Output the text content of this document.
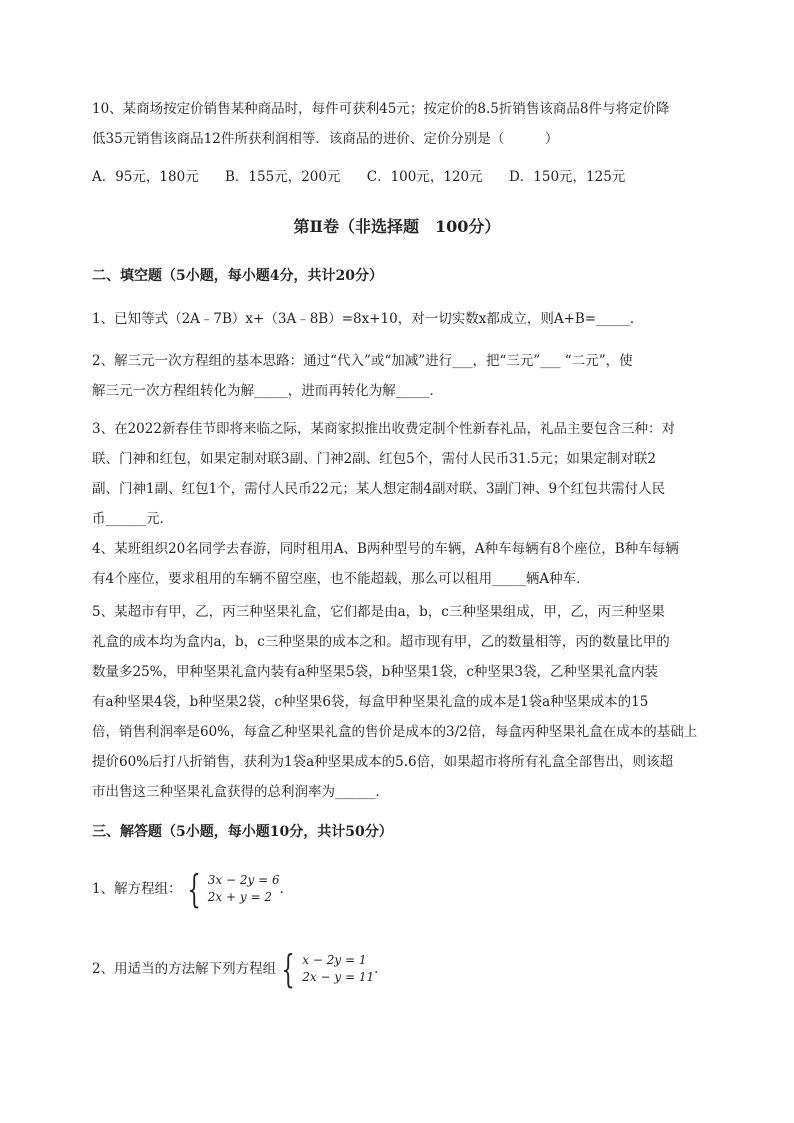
10、某商场按定价销售某种商品时，每件可获利45元；按定价的8.5折销售该商品8件与将定价降
低35元销售该商品12件所获利润相等．该商品的进价、定价分别是（　　　）
A．95元，180元 B．155元，200元 C．100元，120元 D．150元，125元
第Ⅱ卷（非选择题　100分）
二、填空题（5小题，每小题4分，共计20分）
1、已知等式（2A﹣7B）x+（3A﹣8B）=8x+10，对一切实数x都成立，则A+B=_____．
2、解三元一次方程组的基本思路：通过“代入”或“加减”进行___，把“三元”___ “二元”，使
解三元一次方程组转化为解_____，进而再转化为解_____．
3、在2022新春佳节即将来临之际，某商家拟推出收费定制个性新春礼品，礼品主要包含三种：对
联、门神和红包，如果定制对联3副、门神2副、红包5个，需付人民币31.5元；如果定制对联2
副、门神1副、红包1个，需付人民币22元；某人想定制4副对联、3副门神、9个红包共需付人民
币______元．
4、某班组织20名同学去春游，同时租用A、B两种型号的车辆，A种车每辆有8个座位，B种车每辆
有4个座位，要求租用的车辆不留空座，也不能超载，那么可以租用_____辆A种车．
5、某超市有甲，乙，丙三种坚果礼盒，它们都是由a，b，c三种坚果组成，甲，乙，丙三种坚果
礼盒的成本均为盒内a，b，c三种坚果的成本之和。超市现有甲，乙的数量相等，丙的数量比甲的
数量多25%，甲种坚果礼盒内装有a种坚果5袋，b种坚果1袋，c种坚果3袋，乙种坚果礼盒内装
有a种坚果4袋，b种坚果2袋，c种坚果6袋，每盒甲种坚果礼盒的成本是1袋a种坚果成本的15
倍，销售利润率是60%，每盒乙种坚果礼盒的售价是成本的3/2倍，每盒丙种坚果礼盒在成本的基础上
提价60%后打八折销售，获利为1袋a种坚果成本的5.6倍，如果超市将所有礼盒全部售出，则该超
市出售这三种坚果礼盒获得的总利润率为______．
三、解答题（5小题，每小题10分，共计50分）
1、解方程组： { 3x − 2y = 6
2x + y = 2 ．
2、用适当的方法解下列方程组 { x − 2y = 1
2x − y = 11 ．
